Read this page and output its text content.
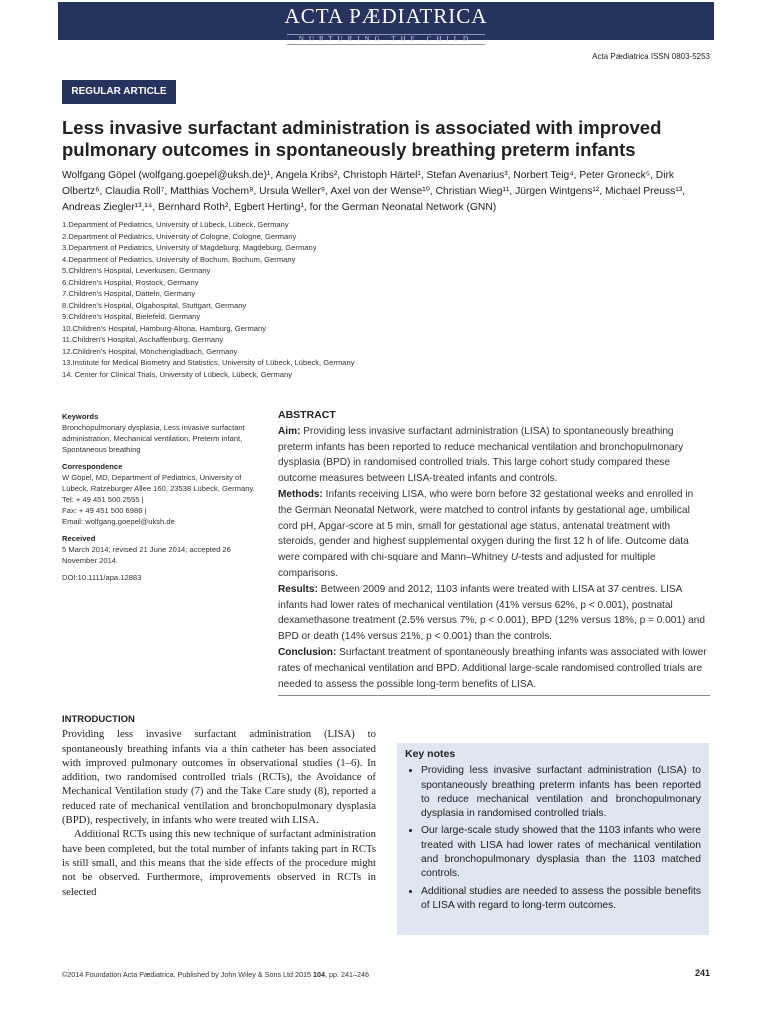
ACTA PÆDIATRICA
NURTURING THE CHILD
Acta Pædiatrica ISSN 0803-5253
REGULAR ARTICLE
Less invasive surfactant administration is associated with improved pulmonary outcomes in spontaneously breathing preterm infants
Wolfgang Göpel (wolfgang.goepel@uksh.de)¹, Angela Kribs², Christoph Härtel¹, Stefan Avenarius³, Norbert Teig⁴, Peter Groneck⁵, Dirk Olbertz⁶, Claudia Roll⁷, Matthias Vochem⁸, Ursula Weller⁹, Axel von der Wense¹⁰, Christian Wieg¹¹, Jürgen Wintgens¹², Michael Preuss¹³, Andreas Ziegler¹³,¹⁴, Bernhard Roth², Egbert Herting¹, for the German Neonatal Network (GNN)
1.Department of Pediatrics, University of Lübeck, Lübeck, Germany
2.Department of Pediatrics, University of Cologne, Cologne, Germany
3.Department of Pediatrics, University of Magdeburg, Magdeburg, Germany
4.Department of Pediatrics, University of Bochum, Bochum, Germany
5.Children's Hospital, Leverkusen, Germany
6.Children's Hospital, Rostock, Germany
7.Children's Hospital, Datteln, Germany
8.Children's Hospital, Olgahospital, Stuttgart, Germany
9.Children's Hospital, Bielefeld, Germany
10.Children's Hospital, Hamburg-Altona, Hamburg, Germany
11.Children's Hospital, Aschaffenburg, Germany
12.Children's Hospital, Mönchengladbach, Germany
13.Institute for Medical Biometry and Statistics, University of Lübeck, Lübeck, Germany
14. Center for Clinical Trials, University of Lübeck, Lübeck, Germany
Keywords
Bronchopulmonary dysplasia, Less invasive surfactant administration, Mechanical ventilation, Preterm infant, Spontaneous breathing
Correspondence
W Göpel, MD, Department of Pediatrics, University of Lübeck, Ratzeburger Allee 160, 23538 Lübeck, Germany.
Tel: + 49 451 500 2555 |
Fax: + 49 451 500 6986 |
Email: wolfgang.goepel@uksh.de
Received
5 March 2014; revised 21 June 2014; accepted 26 November 2014.
DOI:10.1111/apa.12883
ABSTRACT
Aim: Providing less invasive surfactant administration (LISA) to spontaneously breathing preterm infants has been reported to reduce mechanical ventilation and bronchopulmonary dysplasia (BPD) in randomised controlled trials. This large cohort study compared these outcome measures between LISA-treated infants and controls.
Methods: Infants receiving LISA, who were born before 32 gestational weeks and enrolled in the German Neonatal Network, were matched to control infants by gestational age, umbilical cord pH, Apgar-score at 5 min, small for gestational age status, antenatal treatment with steroids, gender and highest supplemental oxygen during the first 12 h of life. Outcome data were compared with chi-square and Mann–Whitney U-tests and adjusted for multiple comparisons.
Results: Between 2009 and 2012, 1103 infants were treated with LISA at 37 centres. LISA infants had lower rates of mechanical ventilation (41% versus 62%, p < 0.001), postnatal dexamethasone treatment (2.5% versus 7%, p < 0.001), BPD (12% versus 18%, p = 0.001) and BPD or death (14% versus 21%, p < 0.001) than the controls.
Conclusion: Surfactant treatment of spontaneously breathing infants was associated with lower rates of mechanical ventilation and BPD. Additional large-scale randomised controlled trials are needed to assess the possible long-term benefits of LISA.
INTRODUCTION

Providing less invasive surfactant administration (LISA) to spontaneously breathing infants via a thin catheter has been associated with improved pulmonary outcomes in observational studies (1–6). In addition, two randomised controlled trials (RCTs), the Avoidance of Mechanical Ventilation study (7) and the Take Care study (8), reported a reduced rate of mechanical ventilation and bronchopulmonary dysplasia (BPD), respectively, in infants who were treated with LISA.

Additional RCTs using this new technique of surfactant administration have been completed, but the total number of infants taking part in RCTs is still small, and this means that the side effects of the procedure might not be observed. Furthermore, improvements observed in RCTs in selected

Key notes
• Providing less invasive surfactant administration (LISA) to spontaneously breathing preterm infants has been reported to reduce mechanical ventilation and bronchopulmonary dysplasia in randomised controlled trials.
• Our large-scale study showed that the 1103 infants who were treated with LISA had lower rates of mechanical ventilation and bronchopulmonary dysplasia than the 1103 matched controls.
• Additional studies are needed to assess the possible benefits of LISA with regard to long-term outcomes.
©2014 Foundation Acta Pædiatrica. Published by John Wiley & Sons Ltd 2015 104, pp. 241–246	241
